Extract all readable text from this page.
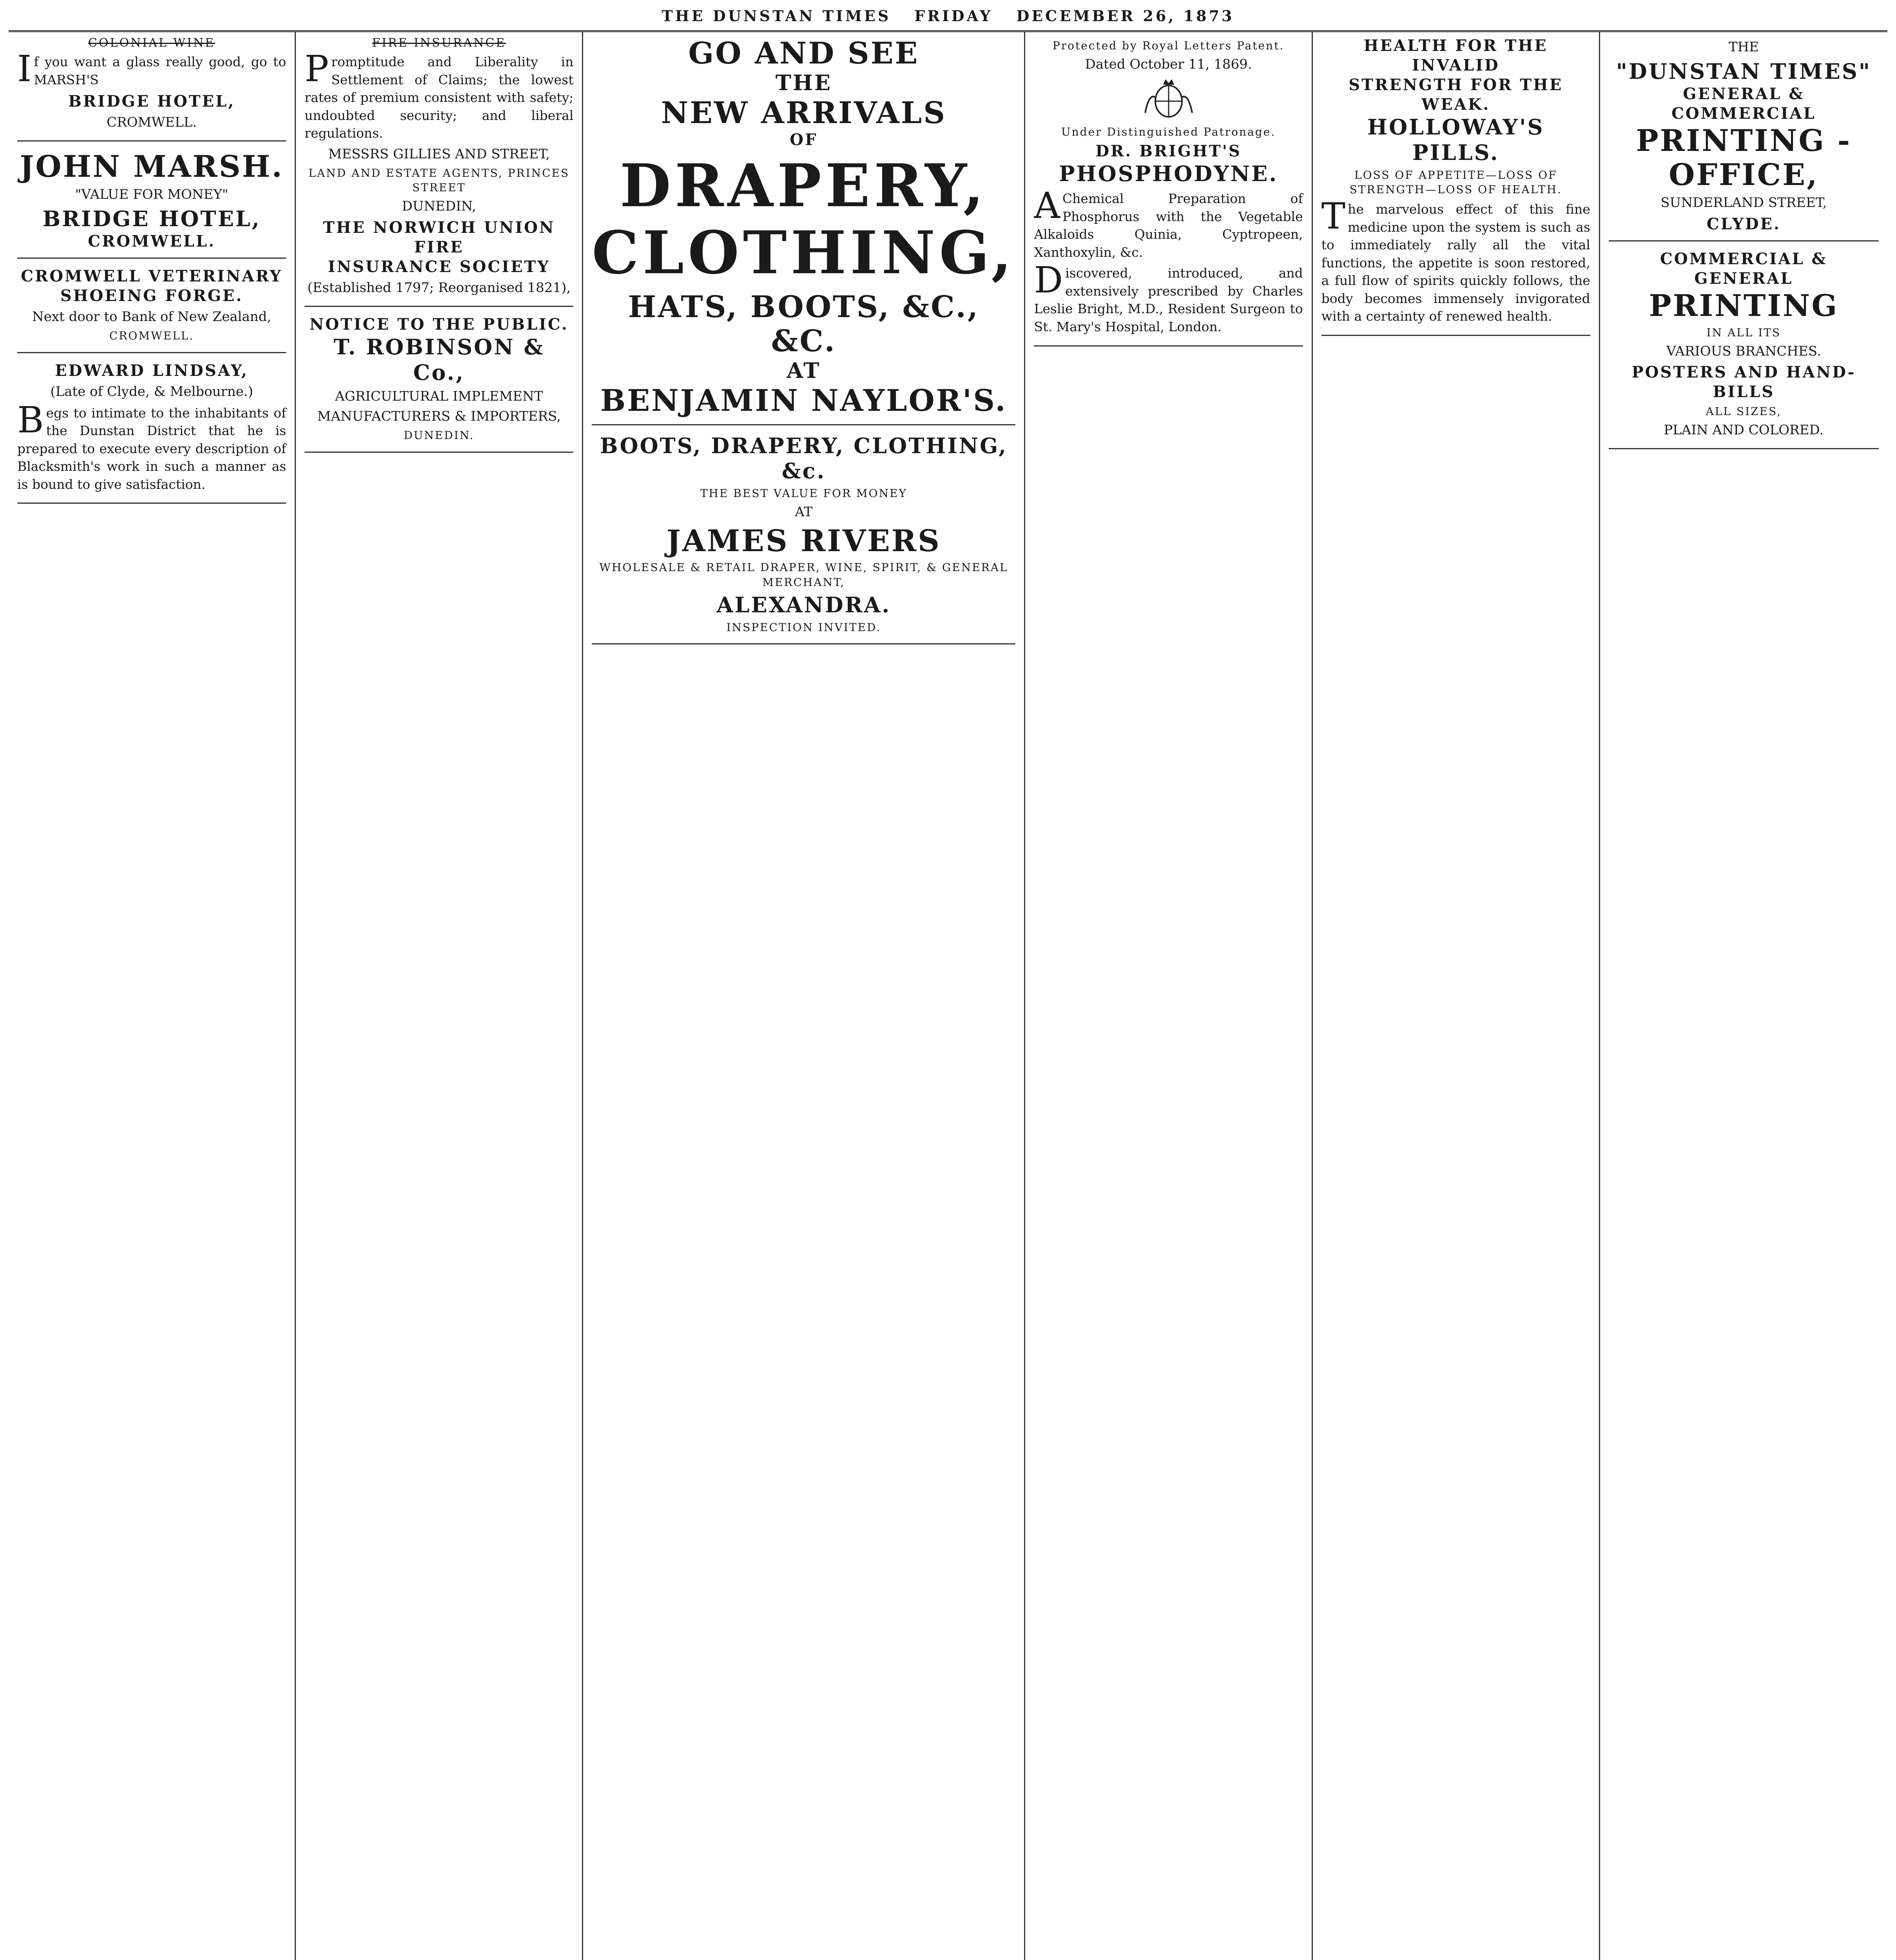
THE DUNSTAN TIMES FRIDAY DECEMBER 26, 1873
COLONIAL WINE
If you want a glass really good, go to MARSH'S
BRIDGE HOTEL,
CROMWELL.
JOHN MARSH.
"VALUE FOR MONEY"
BRIDGE HOTEL,
CROMWELL.
CROMWELL VETERINARY
SHOEING FORGE.
Next door to Bank of New Zealand,
CROMWELL.
EDWARD LINDSAY,
(Late of Clyde, & Melbourne.)
Begs to intimate to the inhabitants of the Dunstan District that he is prepared to execute every description of Blacksmith's work in such a manner as is bound to give satisfaction.
FIRE INSURANCE
Promptitude and Liberality in Settlement of Claims; the lowest rates of premium consistent with safety; undoubted security; and liberal regulations.
MESSRS GILLIES AND STREET,
LAND AND ESTATE AGENTS, PRINCES STREET
DUNEDIN,
THE NORWICH UNION FIRE
INSURANCE SOCIETY
(Established 1797; Reorganised 1821),
NOTICE TO THE PUBLIC.
T. ROBINSON & Co.,
AGRICULTURAL IMPLEMENT
MANUFACTURERS & IMPORTERS,
DUNEDIN.
GO AND SEE
THE
NEW ARRIVALS
OF
DRAPERY,
CLOTHING,
HATS, BOOTS, &C., &C.
AT
BENJAMIN NAYLOR'S.
BOOTS, DRAPERY, CLOTHING, &c.
THE BEST VALUE FOR MONEY
AT
JAMES RIVERS
WHOLESALE & RETAIL DRAPER, WINE, SPIRIT, & GENERAL MERCHANT,
ALEXANDRA.
INSPECTION INVITED.
Protected by Royal Letters Patent.
Dated October 11, 1869.
Under Distinguished Patronage.
DR. BRIGHT'S
PHOSPHODYNE.
AChemical Preparation of Phosphorus with the Vegetable Alkaloids Quinia, Cyptropeen, Xanthoxylin, &c.
Discovered, introduced, and extensively prescribed by Charles Leslie Bright, M.D., Resident Surgeon to St. Mary's Hospital, London.
HEALTH FOR THE INVALID
STRENGTH FOR THE WEAK.
HOLLOWAY'S PILLS.
LOSS OF APPETITE—LOSS OF STRENGTH—LOSS OF HEALTH.
The marvelous effect of this fine medicine upon the system is such as to immediately rally all the vital functions, the appetite is soon restored, a full flow of spirits quickly follows, the body becomes immensely invigorated with a certainty of renewed health.
THE
"DUNSTAN TIMES"
GENERAL & COMMERCIAL
PRINTING - OFFICE,
SUNDERLAND STREET,
CLYDE.
COMMERCIAL & GENERAL
PRINTING
IN ALL ITS
VARIOUS BRANCHES.
POSTERS AND HAND-BILLS
ALL SIZES,
PLAIN AND COLORED.
